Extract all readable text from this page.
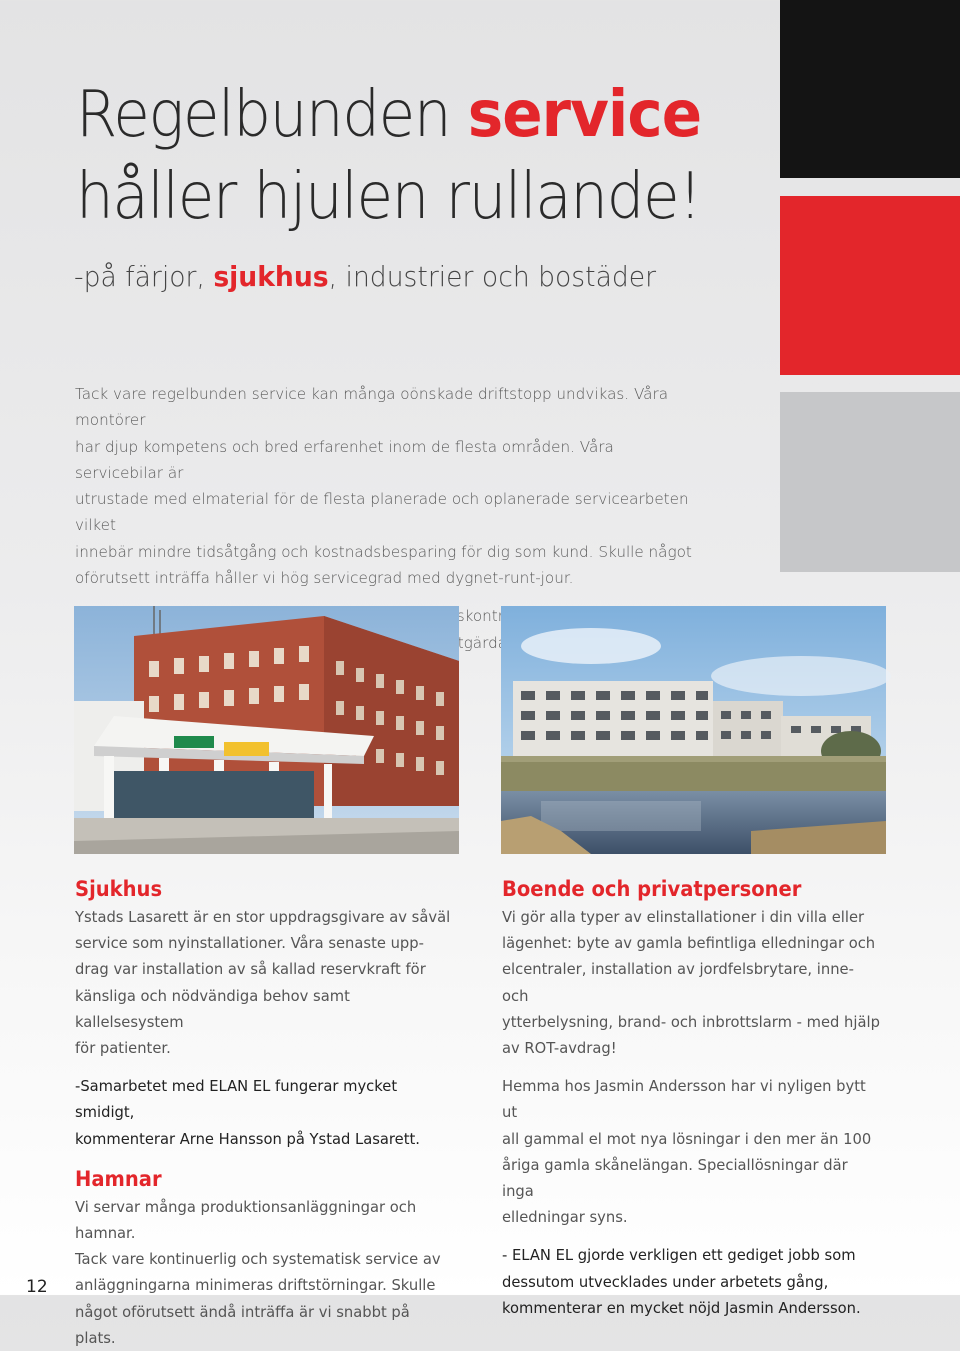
Regelbunden service
håller hjulen rullande!
-på färjor, sjukhus, industrier och bostäder

Tack vare regelbunden service kan många oönskade driftstopp undvikas. Våra montörer
har djup kompetens och bred erfarenhet inom de flesta områden. Våra servicebilar är
utrustade med elmaterial för de flesta planerade och oplanerade servicearbeten vilket
innebär mindre tidsåtgång och kostnadsbesparing för dig som kund. Skulle något
oförutsett inträffa håller vi hög servicegrad med dygnet-runt-jour.

statuskontroll
åtgärdas

Sjukhus

Ystads Lasarett är en stor uppdragsgivare av såväl
service som nyinstallationer. Våra senaste upp-
drag var installation av så kallad reservkraft för
känsliga och nödvändiga behov samt kallelsesystem
för patienter.

-Samarbetet med ELAN EL fungerar mycket smidigt,
kommenterar Arne Hansson på Ystad Lasarett.

Hamnar

Vi servar många produktionsanläggningar och hamnar.
Tack vare kontinuerlig och systematisk service av
anläggningarna minimeras driftstörningar. Skulle
något oförutsett ändå inträffa är vi snabbt på plats.

Boende och privatpersoner

Vi gör alla typer av elinstallationer i din villa eller
lägenhet: byte av gamla befintliga elledningar och
elcentraler, installation av jordfelsbrytare, inne- och
ytterbelysning, brand- och inbrottslarm - med hjälp
av ROT-avdrag!

Hemma hos Jasmin Andersson har vi nyligen bytt ut
all gammal el mot nya lösningar i den mer än 100
åriga gamla skånelängan. Speciallösningar där inga
elledningar syns.

- ELAN EL gjorde verkligen ett gediget jobb som
dessutom utvecklades under arbetets gång,
kommenterar en mycket nöjd Jasmin Andersson.

12
